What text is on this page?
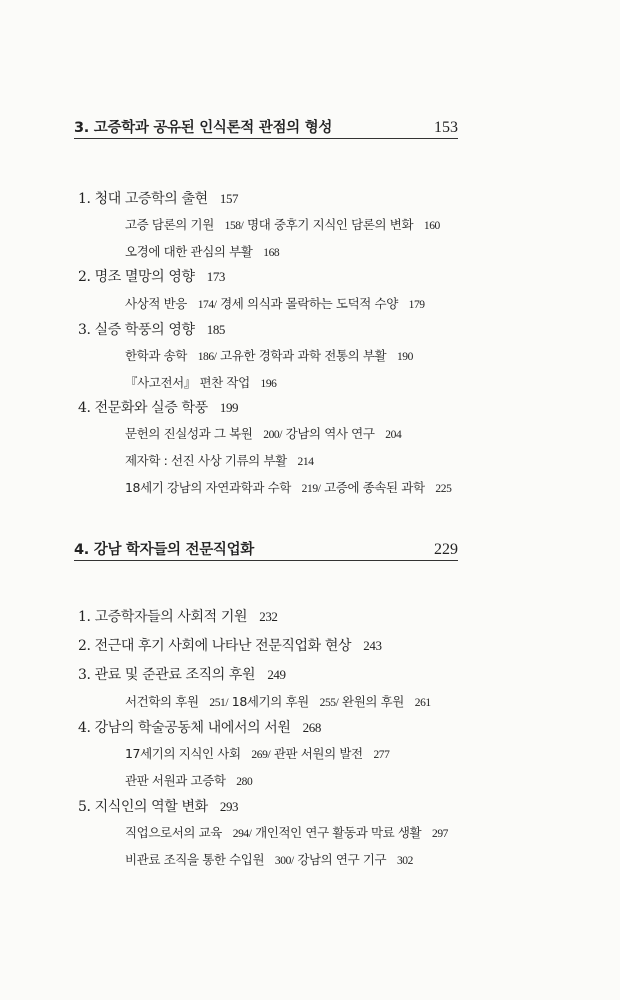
3. 고증학과 공유된 인식론적 관점의 형성	153
1. 청대 고증학의 출현 157
고증 담론의 기원 158/ 명대 중후기 지식인 담론의 변화 160
오경에 대한 관심의 부활 168
2. 명조 멸망의 영향 173
사상적 반응 174/ 경세 의식과 몰락하는 도덕적 수양 179
3. 실증 학풍의 영향 185
한학과 송학 186/ 고유한 경학과 과학 전통의 부활 190
『사고전서』 편찬 작업 196
4. 전문화와 실증 학풍 199
문헌의 진실성과 그 복원 200/ 강남의 역사 연구 204
제자학 : 선진 사상 기류의 부활 214
18세기 강남의 자연과학과 수학 219/ 고증에 종속된 과학 225
4. 강남 학자들의 전문직업화	229
1. 고증학자들의 사회적 기원 232
2. 전근대 후기 사회에 나타난 전문직업화 현상 243
3. 관료 및 준관료 조직의 후원 249
서건학의 후원 251/ 18세기의 후원 255/ 완원의 후원 261
4. 강남의 학술공동체 내에서의 서원 268
17세기의 지식인 사회 269/ 관판 서원의 발전 277
관판 서원과 고증학 280
5. 지식인의 역할 변화 293
직업으로서의 교육 294/ 개인적인 연구 활동과 막료 생활 297
비관료 조직을 통한 수입원 300/ 강남의 연구 기구 302
